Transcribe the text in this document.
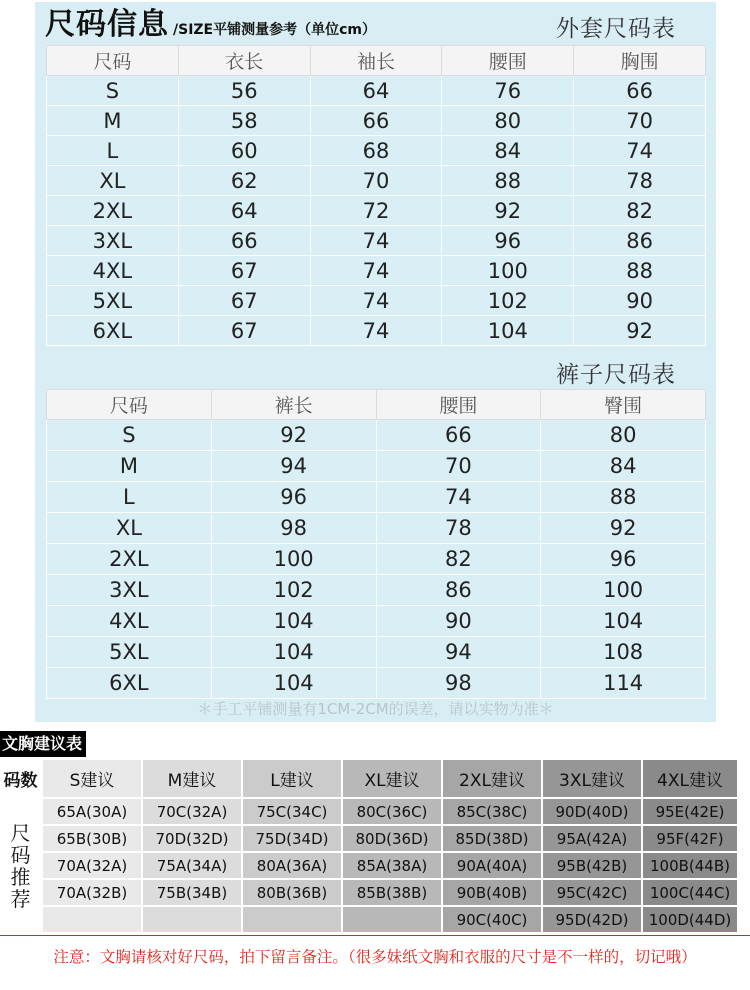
尺码信息 /SIZE平铺测量参考（单位cm）	外套尺码表
尺码	衣长	袖长	腰围	胸围
S	56	64	76	66
M	58	66	80	70
L	60	68	84	74
XL	62	70	88	78
2XL	64	72	92	82
3XL	66	74	96	86
4XL	67	74	100	88
5XL	67	74	102	90
6XL	67	74	104	92
裤子尺码表
尺码	裤长	腰围	臀围
S	92	66	80
M	94	70	84
L	96	74	88
XL	98	78	92
2XL	100	82	96
3XL	102	86	100
4XL	104	90	104
5XL	104	94	108
6XL	104	98	114
＊手工平铺测量有1CM-2CM的误差，请以实物为准＊
文胸建议表
码数	S建议	M建议	L建议	XL建议	2XL建议	3XL建议	4XL建议
尺码推荐	65A(30A)	70C(32A)	75C(34C)	80C(36C)	85C(38C)	90D(40D)	95E(42E)
	65B(30B)	70D(32D)	75D(34D)	80D(36D)	85D(38D)	95A(42A)	95F(42F)
	70A(32A)	75A(34A)	80A(36A)	85A(38A)	90A(40A)	95B(42B)	100B(44B)
	70A(32B)	75B(34B)	80B(36B)	85B(38B)	90B(40B)	95C(42C)	100C(44C)
					90C(40C)	95D(42D)	100D(44D)
注意：文胸请核对好尺码，拍下留言备注。（很多妹纸文胸和衣服的尺寸是不一样的，切记哦）
